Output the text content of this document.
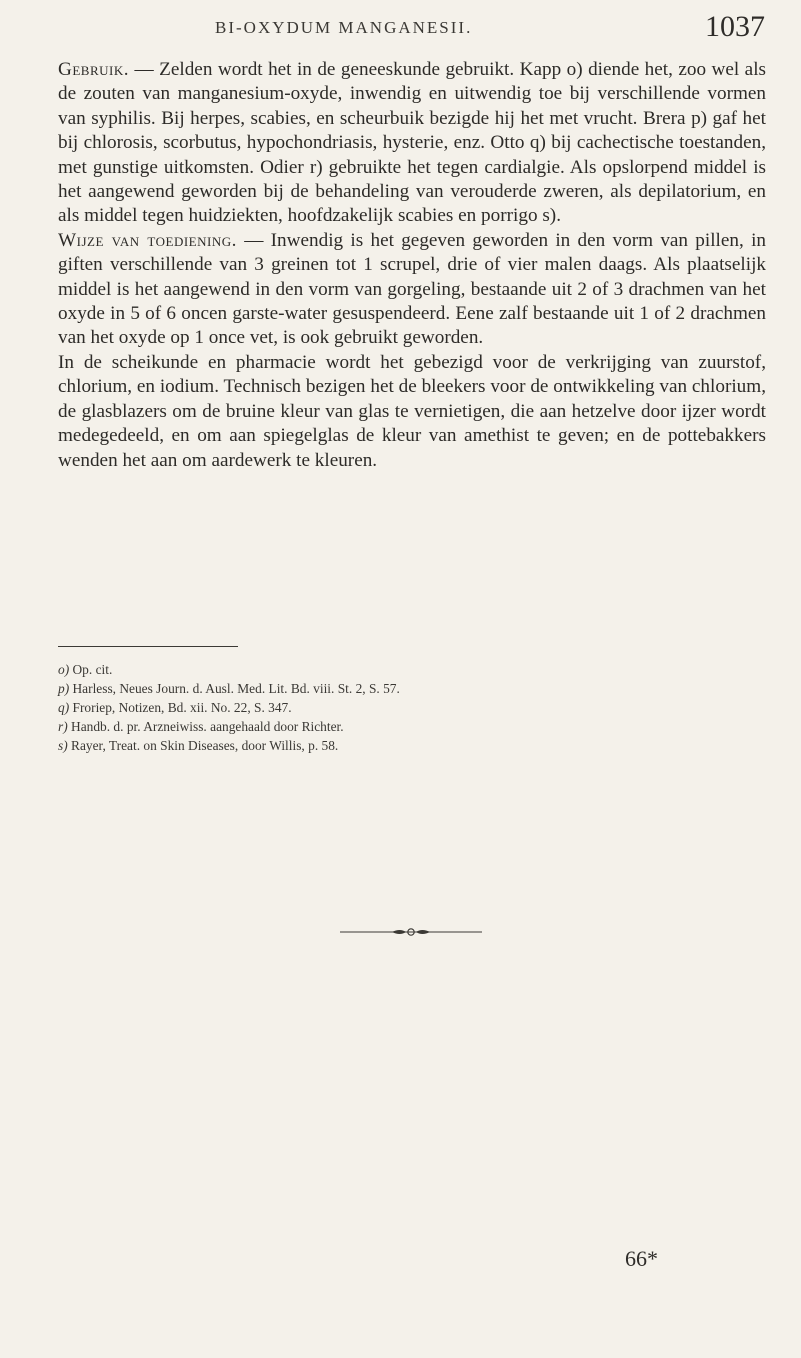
BI-OXYDUM MANGANESII.	1037

Gebruik. — Zelden wordt het in de geneeskunde gebruikt. Kapp o) diende het, zoo wel als de zouten van manganesium-oxyde, inwendig en uitwendig toe bij verschillende vormen van syphilis. Bij herpes, scabies, en scheurbuik bezigde hij het met vrucht. Brera p) gaf het bij chlorosis, scorbutus, hypochondriasis, hysterie, enz. Otto q) bij cachectische toestanden, met gunstige uitkomsten. Odier r) gebruikte het tegen cardialgie. Als opslorpend middel is het aangewend geworden bij de behandeling van verouderde zweren, als depilatorium, en als middel tegen huidziekten, hoofdzakelijk scabies en porrigo s).

Wijze van toediening. — Inwendig is het gegeven geworden in den vorm van pillen, in giften verschillende van 3 greinen tot 1 scrupel, drie of vier malen daags. Als plaatselijk middel is het aangewend in den vorm van gorgeling, bestaande uit 2 of 3 drachmen van het oxyde in 5 of 6 oncen garste-water gesuspendeerd. Eene zalf bestaande uit 1 of 2 drachmen van het oxyde op 1 once vet, is ook gebruikt geworden.

In de scheikunde en pharmacie wordt het gebezigd voor de verkrijging van zuurstof, chlorium, en iodium. Technisch bezigen het de bleekers voor de ontwikkeling van chlorium, de glasblazers om de bruine kleur van glas te vernietigen, die aan hetzelve door ijzer wordt medegedeeld, en om aan spiegelglas de kleur van amethist te geven; en de pottebakkers wenden het aan om aardewerk te kleuren.

o) Op. cit.
p) Harless, Neues Journ. d. Ausl. Med. Lit. Bd. viii. St. 2, S. 57.
q) Froriep, Notizen, Bd. xii. No. 22, S. 347.
r) Handb. d. pr. Arzneiwiss. aangehaald door Richter.
s) Rayer, Treat. on Skin Diseases, door Willis, p. 58.
66*
